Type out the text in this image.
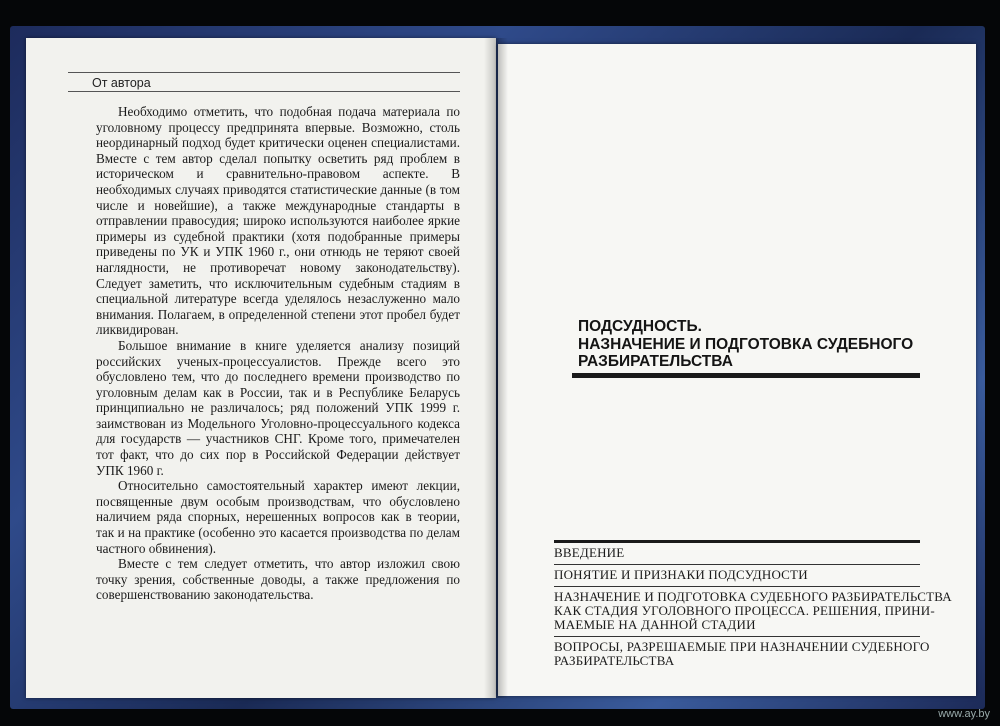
От автора

Необходимо отметить, что подобная подача материала по уголовному процессу предпринята впервые. Возможно, столь неординарный подход будет критически оценен специалистами. Вместе с тем автор сделал попытку осветить ряд проблем в историческом и сравнительно-правовом аспекте. В необходимых случаях приводятся статистические данные (в том числе и новейшие), а также международные стандарты в отправлении правосудия; широко используются наиболее яркие примеры из судебной практики (хотя подобранные примеры приведены по УК и УПК 1960 г., они отнюдь не теряют своей наглядности, не противоречат новому законодательству). Следует заметить, что исключительным судебным стадиям в специальной литературе всегда уделялось незаслуженно мало внимания. Полагаем, в определенной степени этот пробел будет ликвидирован.

Большое внимание в книге уделяется анализу позиций российских ученых-процессуалистов. Прежде всего это обусловлено тем, что до последнего времени производство по уголовным делам как в России, так и в Республике Беларусь принципиально не различалось; ряд положений УПК 1999 г. заимствован из Модельного Уголовно-процессуального кодекса для государств — участников СНГ. Кроме того, примечателен тот факт, что до сих пор в Российской Федерации действует УПК 1960 г.

Относительно самостоятельный характер имеют лекции, посвященные двум особым производствам, что обусловлено наличием ряда спорных, нерешенных вопросов как в теории, так и на практике (особенно это касается производства по делам частного обвинения).

Вместе с тем следует отметить, что автор изложил свою точку зрения, собственные доводы, а также предложения по совершенствованию законодательства.

ПОДСУДНОСТЬ.
НАЗНАЧЕНИЕ И ПОДГОТОВКА СУДЕБНОГО
РАЗБИРАТЕЛЬСТВА
ВВЕДЕНИЕ
ПОНЯТИЕ И ПРИЗНАКИ ПОДСУДНОСТИ
НАЗНАЧЕНИЕ И ПОДГОТОВКА СУДЕБНОГО РАЗБИРАТЕЛЬСТВА
КАК СТАДИЯ УГОЛОВНОГО ПРОЦЕССА. РЕШЕНИЯ, ПРИНИ-
МАЕМЫЕ НА ДАННОЙ СТАДИИ
ВОПРОСЫ, РАЗРЕШАЕМЫЕ ПРИ НАЗНАЧЕНИИ СУДЕБНОГО
РАЗБИРАТЕЛЬСТВА
www.ay.by
